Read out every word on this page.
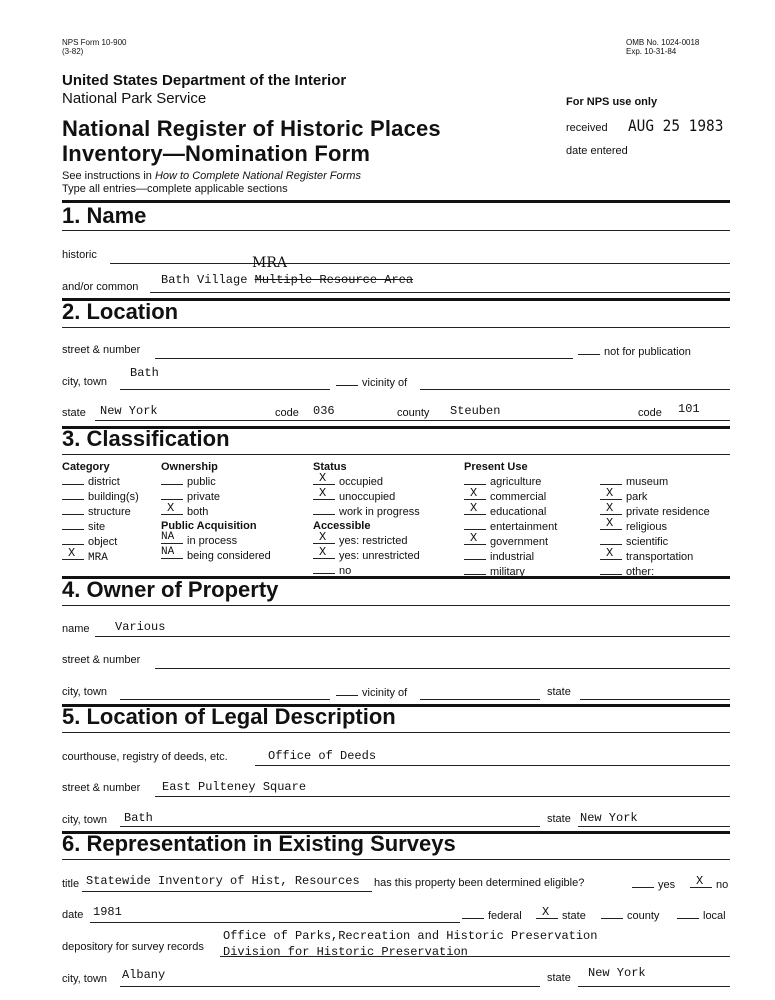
NPS Form 10-900
(3-82)
OMB No. 1024-0018
Exp. 10-31-84
United States Department of the Interior
National Park Service	For NPS use only
National Register of Historic Places
Inventory—Nomination Form
received AUG 25 1983
date entered
See instructions in How to Complete National Register Forms
Type all entries—complete applicable sections
1. Name
historic
and/or common Bath Village Multiple Resource Area
MRA
2. Location
street & number	not for publication
city, town
Bath
vicinity of
state New York	code 036	county Steuben	code 101
3. Classification
Category
district
building(s)
structure
site
object
X MRA
Ownership
public
private
X both
Public Acquisition
NA in process
NA being considered
Status
X occupied
X unoccupied
work in progress
Accessible
X yes: restricted
X yes: unrestricted
no
Present Use
agriculture
X commercial
X educational
entertainment
X government
industrial
military
museum
X park
X private residence
X religious
scientific
X transportation
other:
4. Owner of Property
name Various
street & number
city, town	vicinity of	state
5. Location of Legal Description
courthouse, registry of deeds, etc.	Office of Deeds
street & number East Pulteney Square
city, town Bath	state New York
6. Representation in Existing Surveys
title Statewide Inventory of Hist, Resources has this property been determined eligible?	yes X no
date 1981	federal X state	county	local
depository for survey records
Office of Parks,Recreation and Historic Preservation
Division for Historic Preservation
city, town Albany	state New York
